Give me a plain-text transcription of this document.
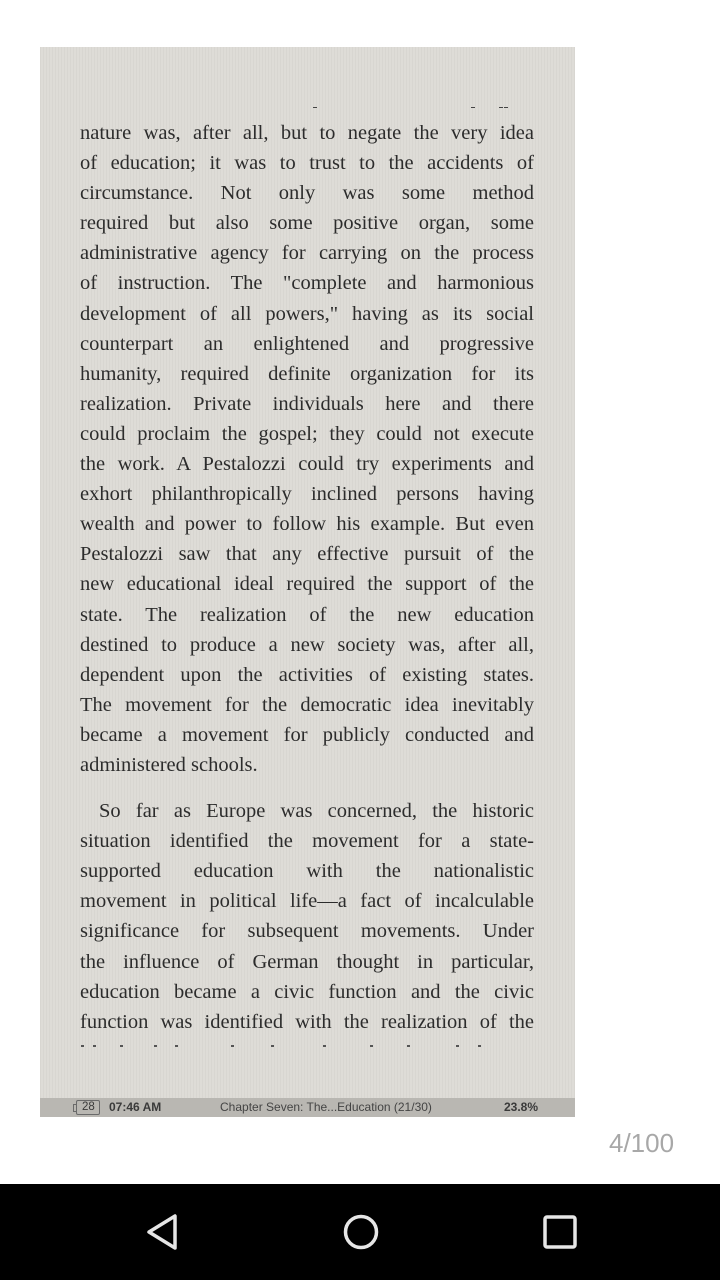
nature was, after all, but to negate the very idea
of education; it was to trust to the accidents of
circumstance. Not only was some method
required but also some positive organ, some
administrative agency for carrying on the process
of instruction. The "complete and harmonious
development of all powers," having as its social
counterpart an enlightened and progressive
humanity, required definite organization for its
realization. Private individuals here and there
could proclaim the gospel; they could not execute
the work. A Pestalozzi could try experiments and
exhort philanthropically inclined persons having
wealth and power to follow his example. But even
Pestalozzi saw that any effective pursuit of the
new educational ideal required the support of the
state. The realization of the new education
destined to produce a new society was, after all,
dependent upon the activities of existing states.
The movement for the democratic idea inevitably
became a movement for publicly conducted and
administered schools.

So far as Europe was concerned, the historic
situation identified the movement for a state-
supported education with the nationalistic
movement in political life—a fact of incalculable
significance for subsequent movements. Under
the influence of German thought in particular,
education became a civic function and the civic
function was identified with the realization of the

28	07:46 AM	Chapter Seven: The...Education (21/30)	23.8%
4/100
